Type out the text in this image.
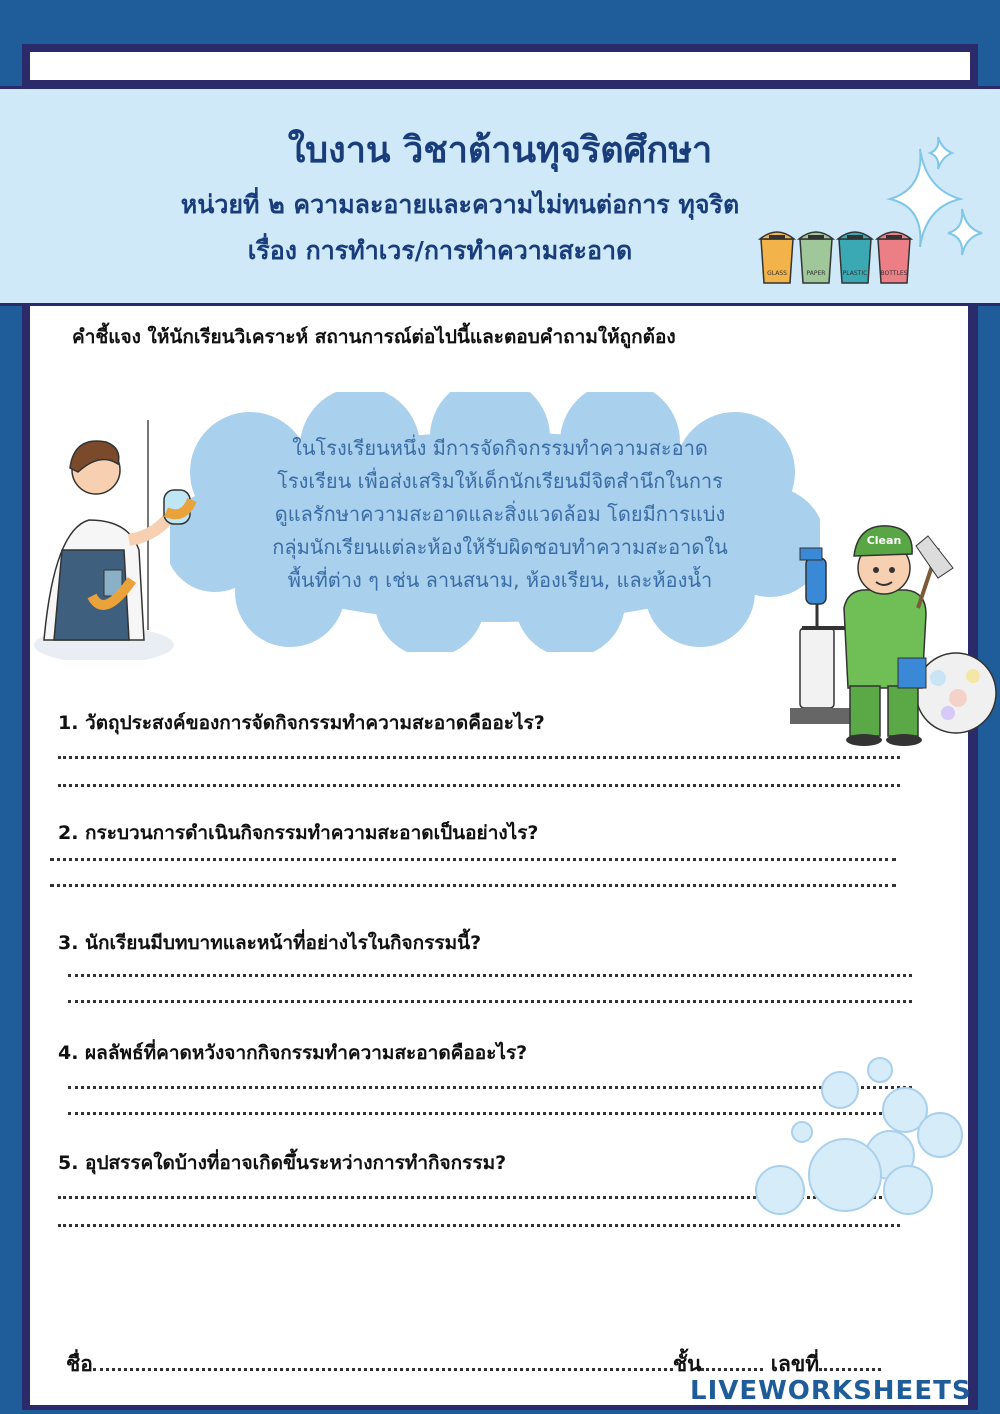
ใบงาน วิชาต้านทุจริตศึกษา
หน่วยที่ ๒ ความละอายและความไม่ทนต่อการ ทุจริต
เรื่อง การทำเวร/การทำความสะอาด
GLASS	PAPER	PLASTIC BOTTLES
คำชี้แจง ให้นักเรียนวิเคราะห์ สถานการณ์ต่อไปนี้และตอบคำถามให้ถูกต้อง
ในโรงเรียนหนึ่ง มีการจัดกิจกรรมทำความสะอาด
โรงเรียน เพื่อส่งเสริมให้เด็กนักเรียนมีจิตสำนึกในการ
ดูแลรักษาความสะอาดและสิ่งแวดล้อม โดยมีการแบ่ง
กลุ่มนักเรียนแต่ละห้องให้รับผิดชอบทำความสะอาดใน
พื้นที่ต่าง ๆ เช่น ลานสนาม, ห้องเรียน, และห้องน้ำ
Clean
1. วัตถุประสงค์ของการจัดกิจกรรมทำความสะอาดคืออะไร?
2. กระบวนการดำเนินกิจกรรมทำความสะอาดเป็นอย่างไร?
3. นักเรียนมีบทบาทและหน้าที่อย่างไรในกิจกรรมนี้?
4. ผลลัพธ์ที่คาดหวังจากกิจกรรมทำความสะอาดคืออะไร?
5. อุปสรรคใดบ้างที่อาจเกิดขึ้นระหว่างการทำกิจกรรม?
ชื่อ	ชั้น	เลขที่
LIVEWORKSHEETS
